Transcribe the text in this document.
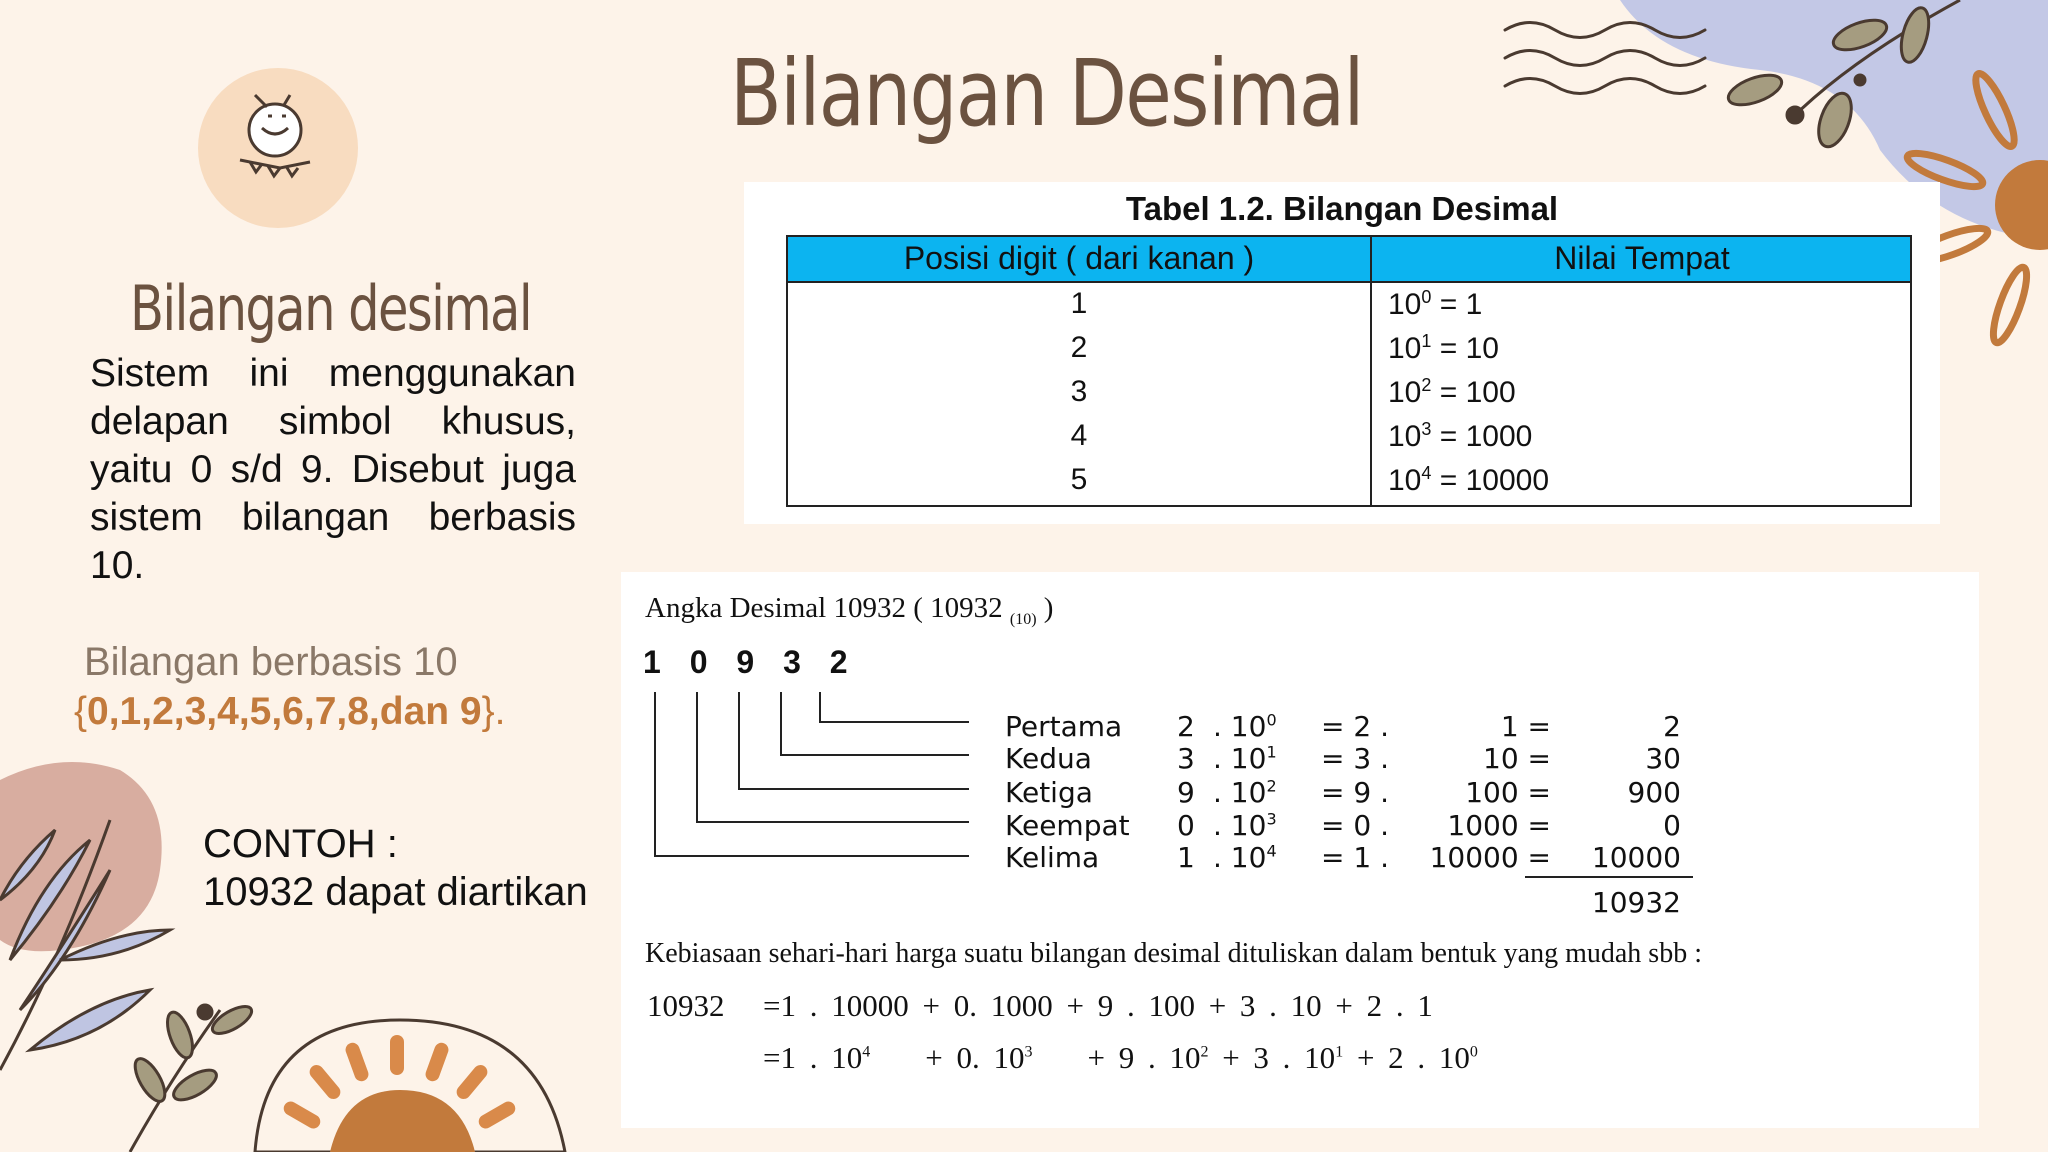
Bilangan Desimal
Bilangan desimal
Sistem ini menggunakan delapan simbol khusus, yaitu 0 s/d 9. Disebut juga sistem bilangan berbasis 10.
Bilangan berbasis 10
{0,1,2,3,4,5,6,7,8,dan 9}.
CONTOH :
10932 dapat diartikan
Tabel 1.2. Bilangan Desimal
Posisi digit ( dari kanan )	Nilai Tempat
1	$10^0 = 1$
2	$10^1 = 10$
3	$10^2 = 100$
4	$10^3 = 1000$
5	$10^4 = 10000$
Angka Desimal 10932 ( 10932 $_{(10)}$ )
1 0 9 3 2
Pertama 2 . $10^0 = 2$ .	1 =	2
Kedua	3 . $10^1 = 3$ .	10 =	30
Ketiga	9 . $10^2 = 9$ .	100 =	900
Keempat 0 . $10^3 = 0$ .	1000 =	0
Kelima	1 . $10^4 = 1$ .	10000 =	10000
10932
Kebiasaan sehari-hari harga suatu bilangan desimal dituliskan dalam bentuk yang mudah sbb :
10932 =1 . 10000 + 0. 1000 + 9 . 100 + 3 . 10 + 2 . 1
=1 . $10^4 + 0$. $10^3 + 9$ . $10^2 + 3$ . $10^1 + 2$ . $10^0$
